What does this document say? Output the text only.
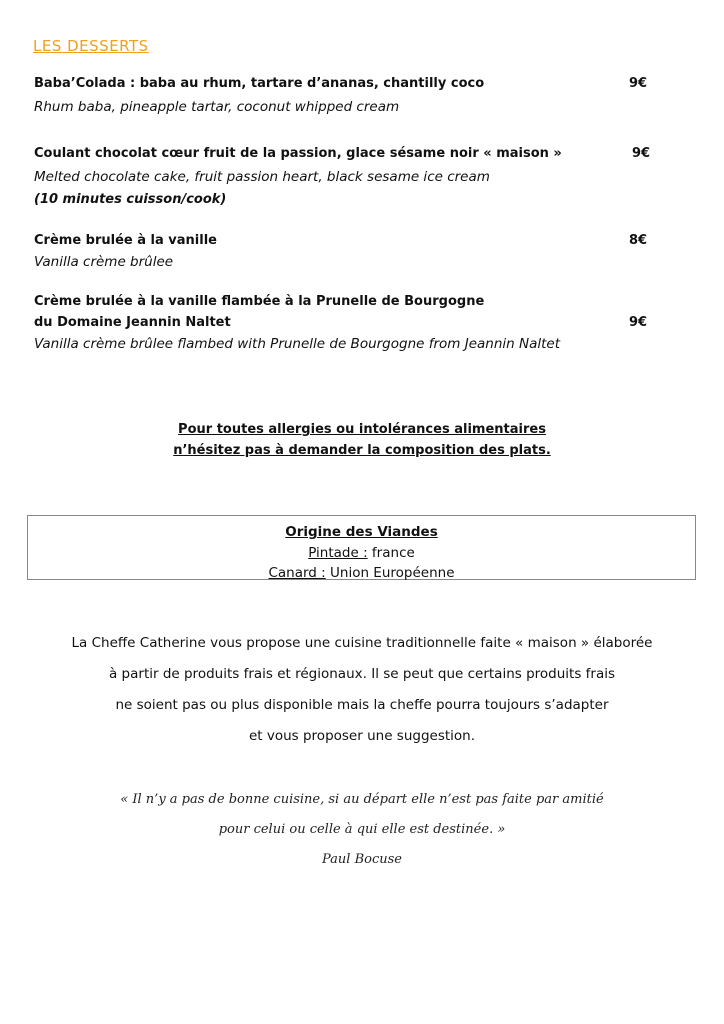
LES DESSERTS
Baba’Colada : baba au rhum, tartare d’ananas, chantilly coco	9€
Rhum baba, pineapple tartar, coconut whipped cream
Coulant chocolat cœur fruit de la passion, glace sésame noir « maison »	9€
Melted chocolate cake, fruit passion heart, black sesame ice cream
(10 minutes cuisson/cook)
Crème brulée à la vanille	8€
Vanilla crème brûlee
Crème brulée à la vanille flambée à la Prunelle de Bourgogne
du Domaine Jeannin Naltet	9€
Vanilla crème brûlee flambed with Prunelle de Bourgogne from Jeannin Naltet
Pour toutes allergies ou intolérances alimentaires
n’hésitez pas à demander la composition des plats.
Origine des Viandes
Pintade : france
Canard : Union Européenne
La Cheffe Catherine vous propose une cuisine traditionnelle faite « maison » élaborée
à partir de produits frais et régionaux. Il se peut que certains produits frais
ne soient pas ou plus disponible mais la cheffe pourra toujours s’adapter
et vous proposer une suggestion.
« Il n’y a pas de bonne cuisine, si au départ elle n’est pas faite par amitié
pour celui ou celle à qui elle est destinée. »
Paul Bocuse
